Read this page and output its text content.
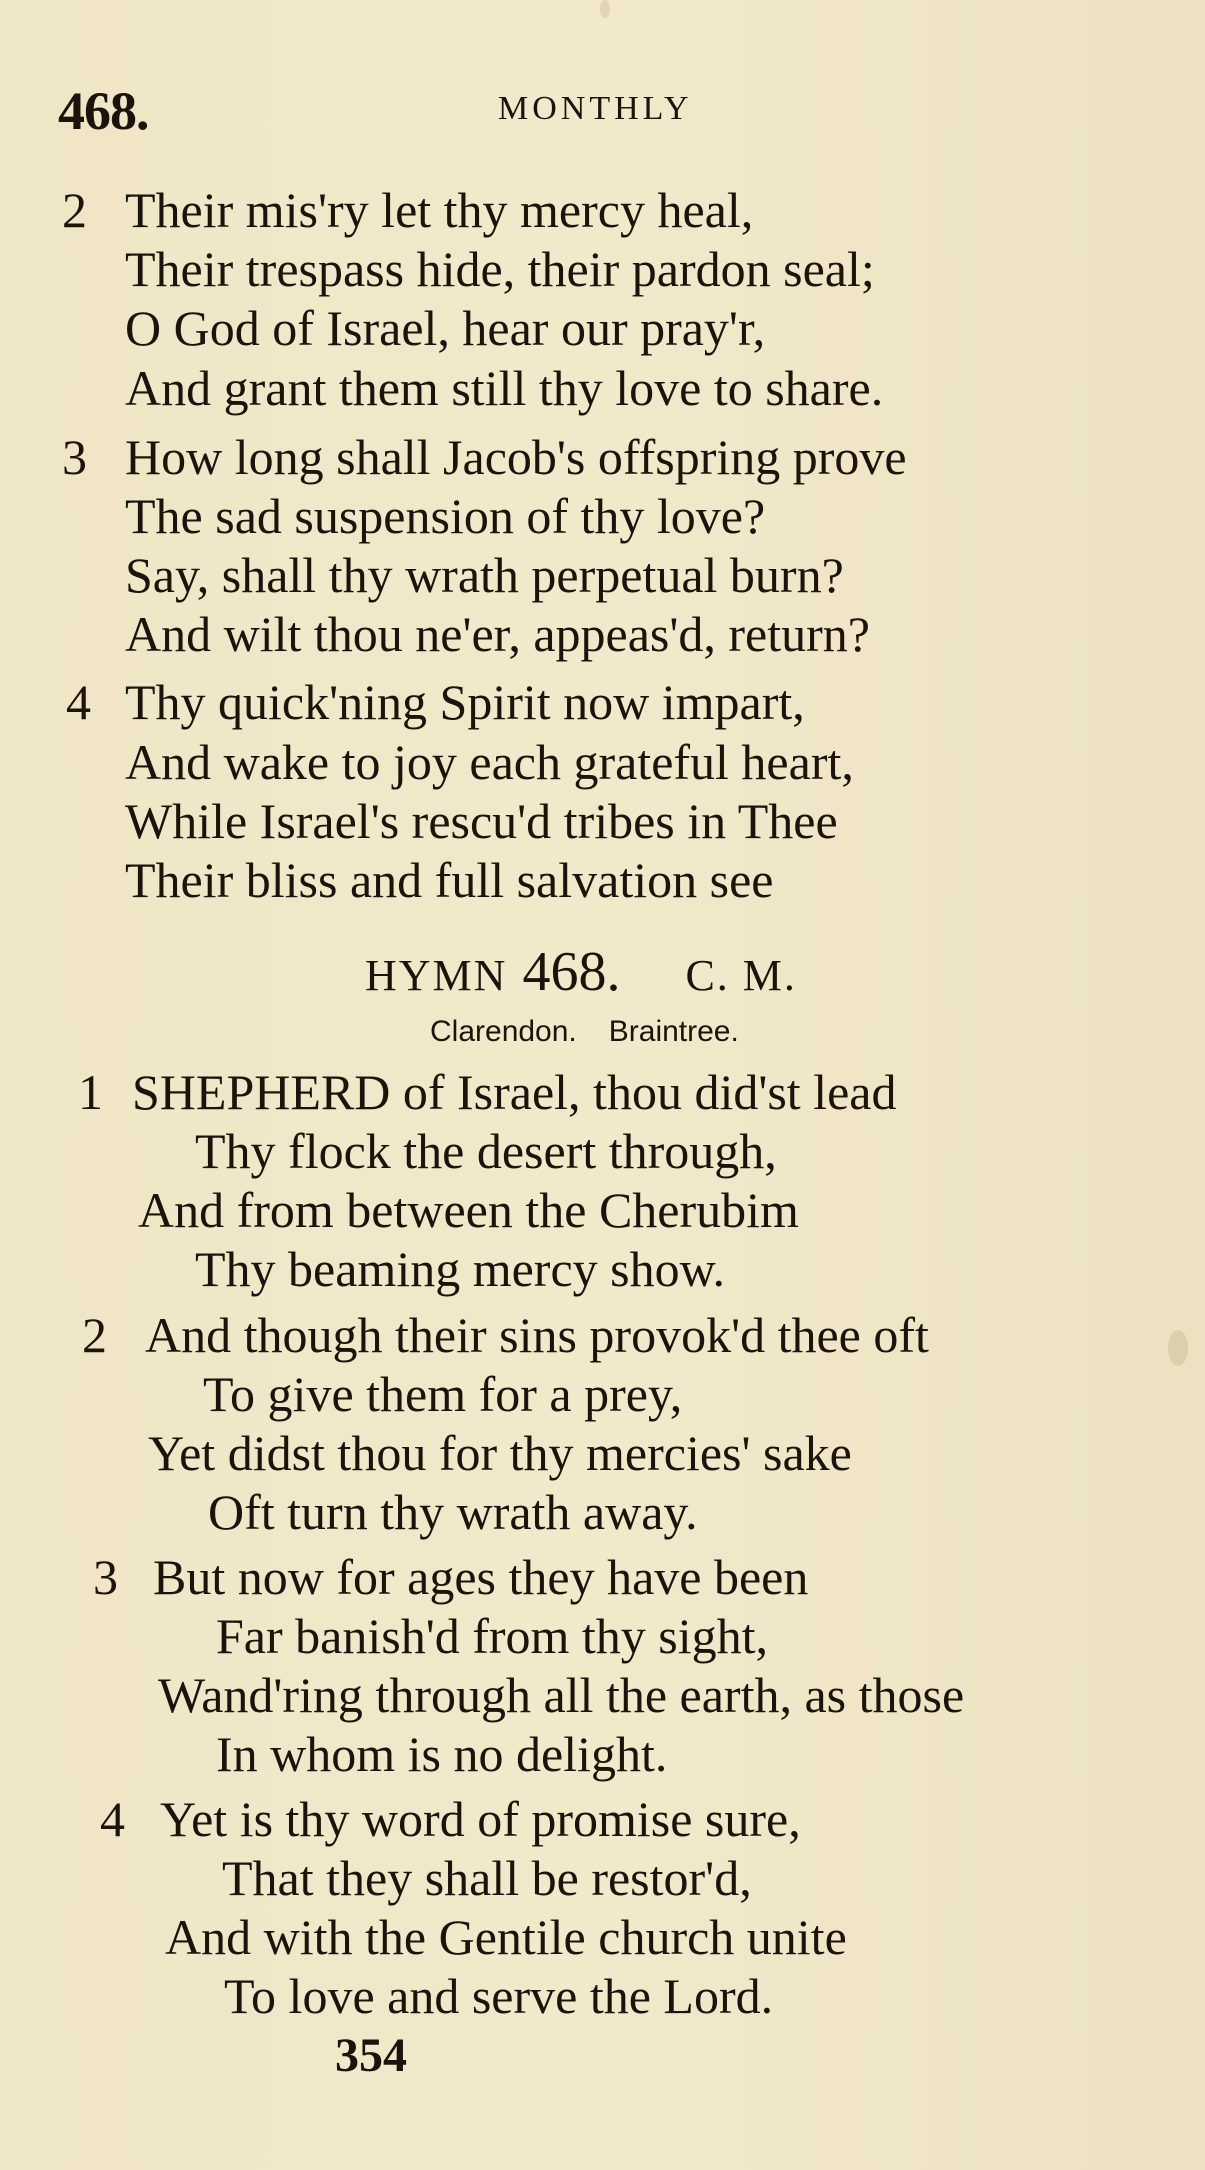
468.	MONTHLY
2 Their mis'ry let thy mercy heal,
Their trespass hide, their pardon seal;
O God of Israel, hear our pray'r,
And grant them still thy love to share.
3 How long shall Jacob's offspring prove
The sad suspension of thy love?
Say, shall thy wrath perpetual burn?
And wilt thou ne'er, appeas'd, return?
4 Thy quick'ning Spirit now impart,
And wake to joy each grateful heart,
While Israel's rescu'd tribes in Thee
Their bliss and full salvation see
HYMN 468. C. M.
Clarendon. Braintree.
1 SHEPHERD of Israel, thou did'st lead
Thy flock the desert through,
And from between the Cherubim
Thy beaming mercy show.
2 And though their sins provok'd thee oft
To give them for a prey,
Yet didst thou for thy mercies' sake
Oft turn thy wrath away.
3 But now for ages they have been
Far banish'd from thy sight,
Wand'ring through all the earth, as those
In whom is no delight.
4 Yet is thy word of promise sure,
That they shall be restor'd,
And with the Gentile church unite
To love and serve the Lord.
354
